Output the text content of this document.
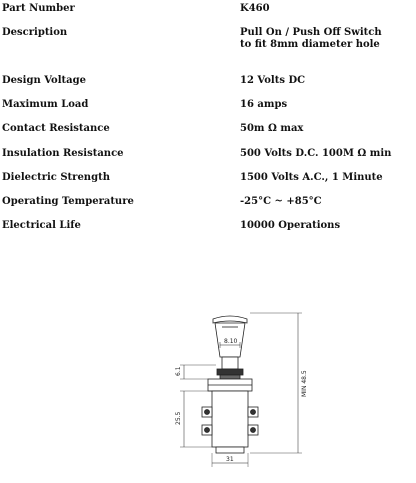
Part Number	K460
Description	Pull On / Push Off Switch
to fit 8mm diameter hole
Design Voltage	12 Volts DC
Maximum Load	16 amps
Contact Resistance	50m Ω max
Insulation Resistance	500 Volts D.C. 100M Ω min
Dielectric Strength	1500 Volts A.C., 1 Minute
Operating Temperature	-25°C ~ +85°C
Electrical Life	10000 Operations
8.10
MIN 48.5
6.1
25.5
31
